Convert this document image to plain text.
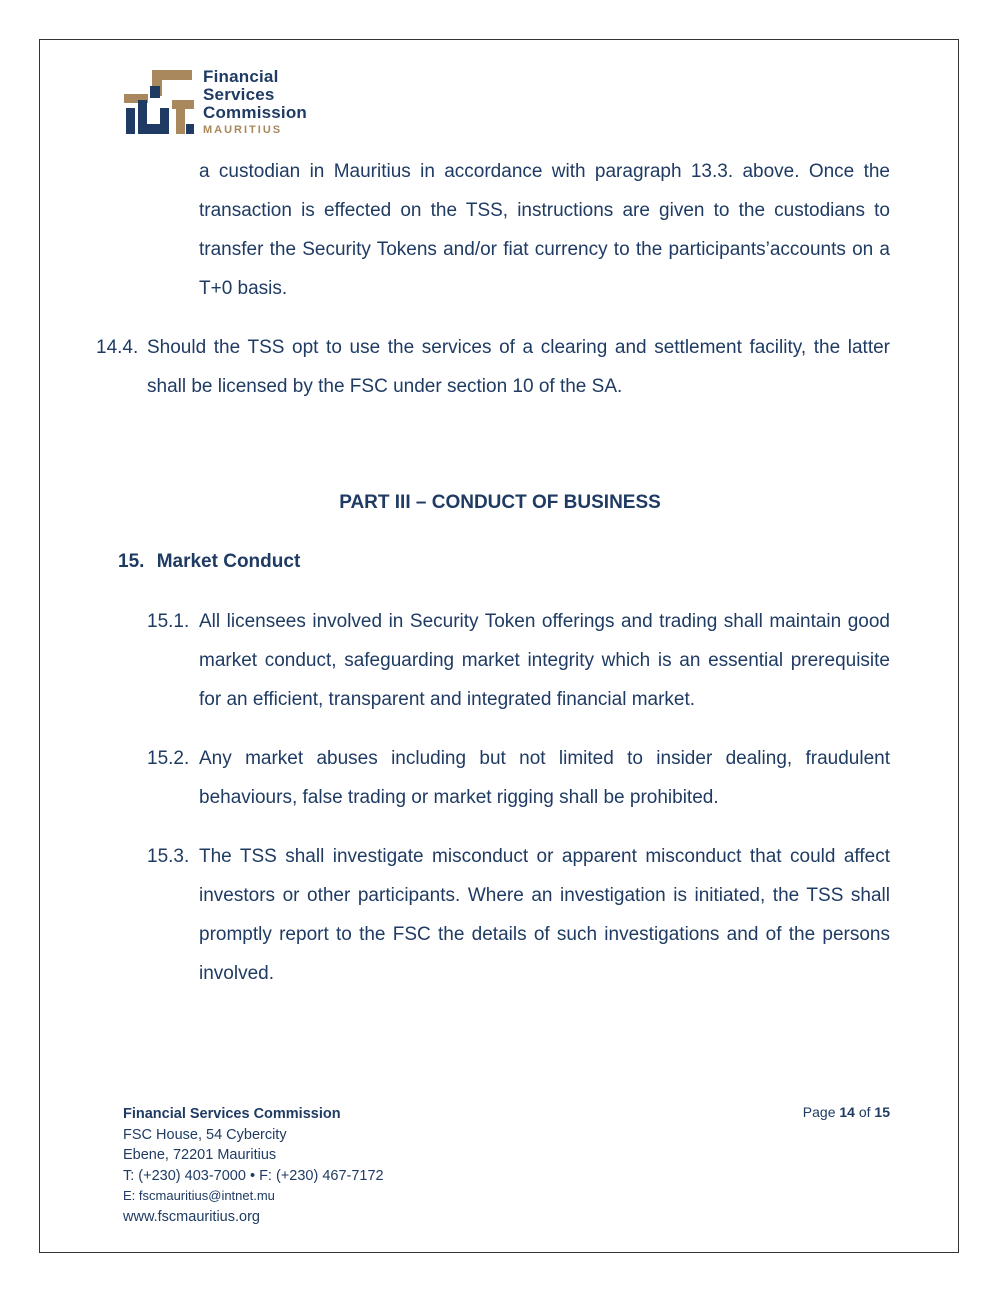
Financial
Services
Commission
MAURITIUS
a custodian in Mauritius in accordance with paragraph 13.3. above. Once the transaction is effected on the TSS, instructions are given to the custodians to transfer the Security Tokens and/or fiat currency to the participants’accounts on a T+0 basis.
14.4. Should the TSS opt to use the services of a clearing and settlement facility, the latter shall be licensed by the FSC under section 10 of the SA.
PART III – CONDUCT OF BUSINESS
15. Market Conduct
15.1. All licensees involved in Security Token offerings and trading shall maintain good market conduct, safeguarding market integrity which is an essential prerequisite for an efficient, transparent and integrated financial market.
15.2. Any market abuses including but not limited to insider dealing, fraudulent behaviours, false trading or market rigging shall be prohibited.
15.3. The TSS shall investigate misconduct or apparent misconduct that could affect investors or other participants. Where an investigation is initiated, the TSS shall promptly report to the FSC the details of such investigations and of the persons involved.
Financial Services Commission
FSC House, 54 Cybercity
Ebene, 72201 Mauritius
T: (+230) 403-7000 • F: (+230) 467-7172
E: fscmauritius@intnet.mu
www.fscmauritius.org
Page 14 of 15
